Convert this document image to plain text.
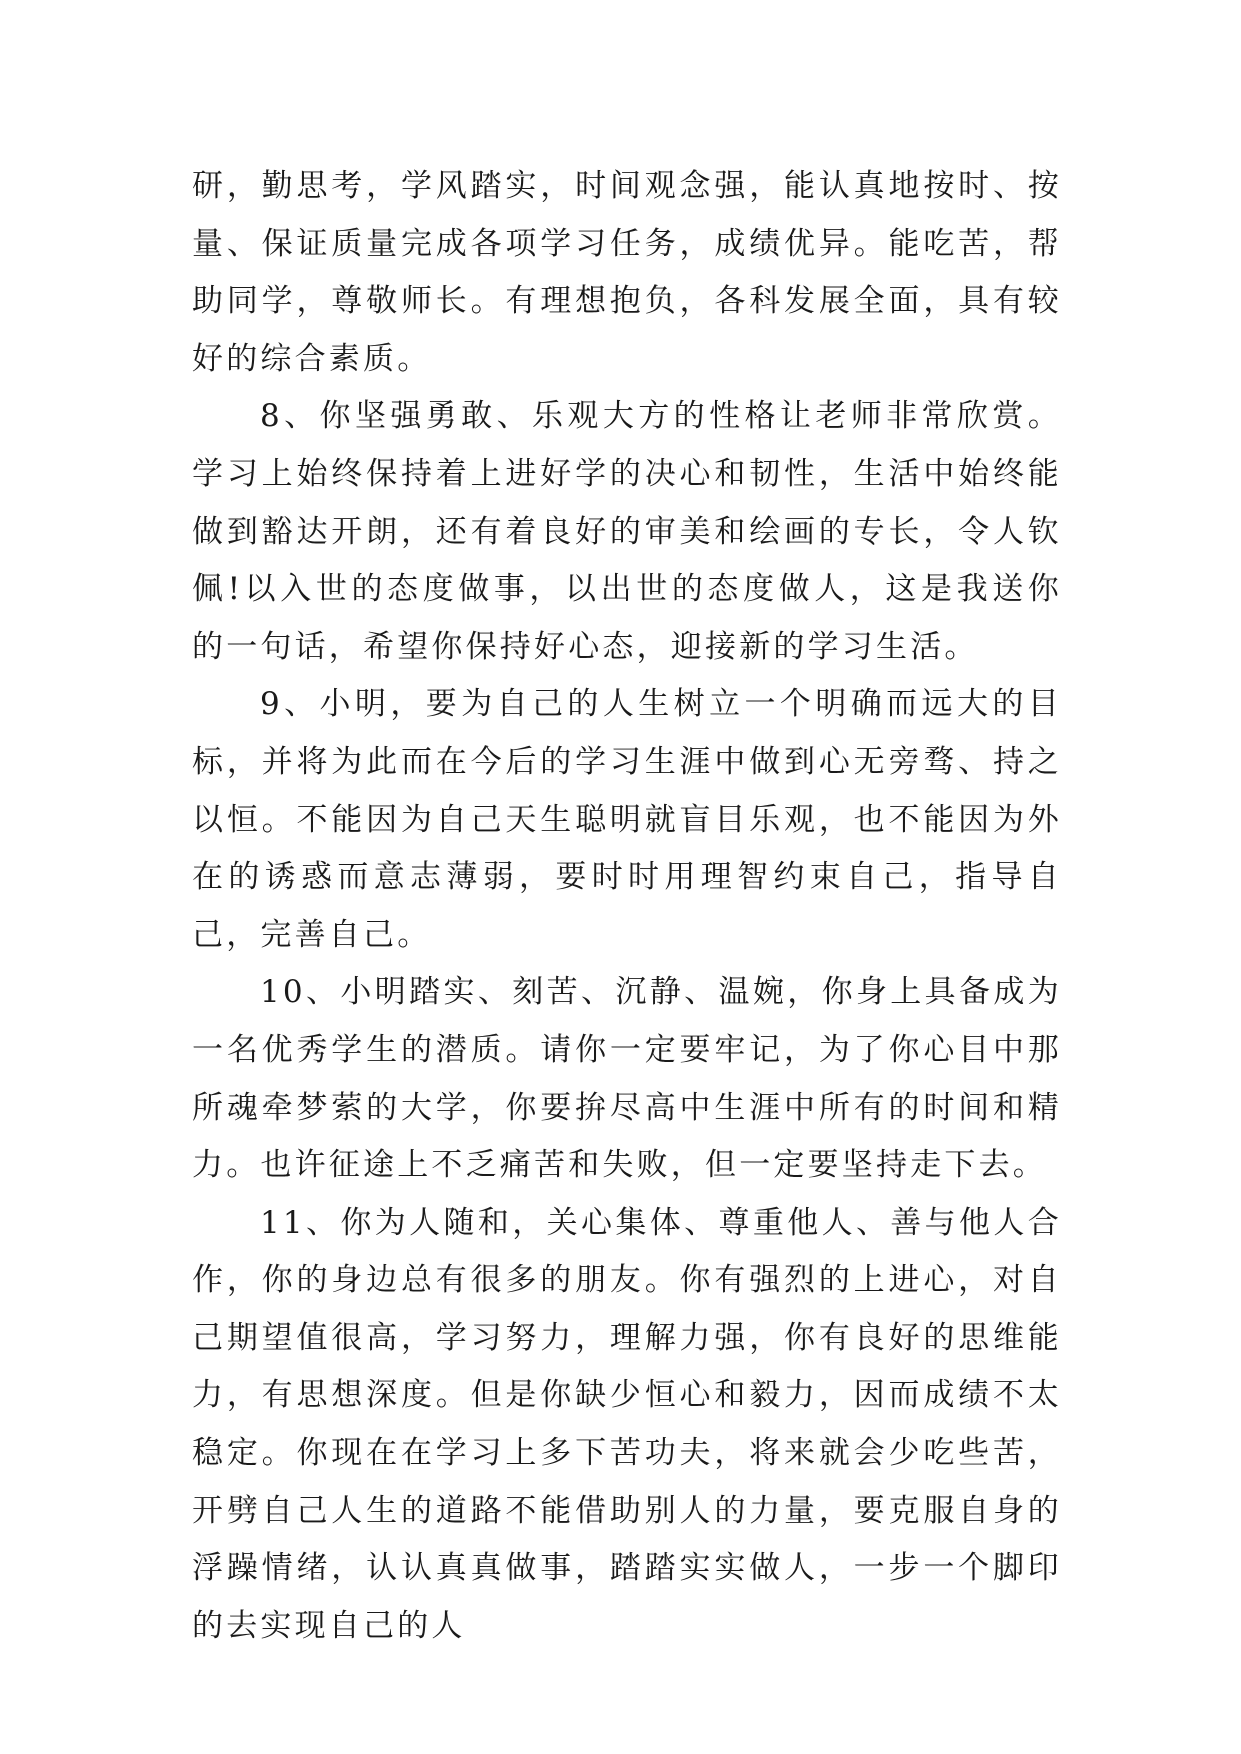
研，勤思考，学风踏实，时间观念强，能认真地按时、按量、保证质量完成各项学习任务，成绩优异。能吃苦，帮助同学，尊敬师长。有理想抱负，各科发展全面，具有较好的综合素质。

8、你坚强勇敢、乐观大方的性格让老师非常欣赏。学习上始终保持着上进好学的决心和韧性，生活中始终能做到豁达开朗，还有着良好的审美和绘画的专长，令人钦佩!以入世的态度做事，以出世的态度做人，这是我送你的一句话，希望你保持好心态，迎接新的学习生活。

9、小明，要为自己的人生树立一个明确而远大的目标，并将为此而在今后的学习生涯中做到心无旁骛、持之以恒。不能因为自己天生聪明就盲目乐观，也不能因为外在的诱惑而意志薄弱，要时时用理智约束自己，指导自己，完善自己。

10、小明踏实、刻苦、沉静、温婉，你身上具备成为一名优秀学生的潜质。请你一定要牢记，为了你心目中那所魂牵梦萦的大学，你要拚尽高中生涯中所有的时间和精力。也许征途上不乏痛苦和失败，但一定要坚持走下去。

11、你为人随和，关心集体、尊重他人、善与他人合作，你的身边总有很多的朋友。你有强烈的上进心，对自己期望值很高，学习努力，理解力强，你有良好的思维能力，有思想深度。但是你缺少恒心和毅力，因而成绩不太稳定。你现在在学习上多下苦功夫，将来就会少吃些苦，开劈自己人生的道路不能借助别人的力量，要克服自身的浮躁情绪，认认真真做事，踏踏实实做人，一步一个脚印的去实现自己的人
